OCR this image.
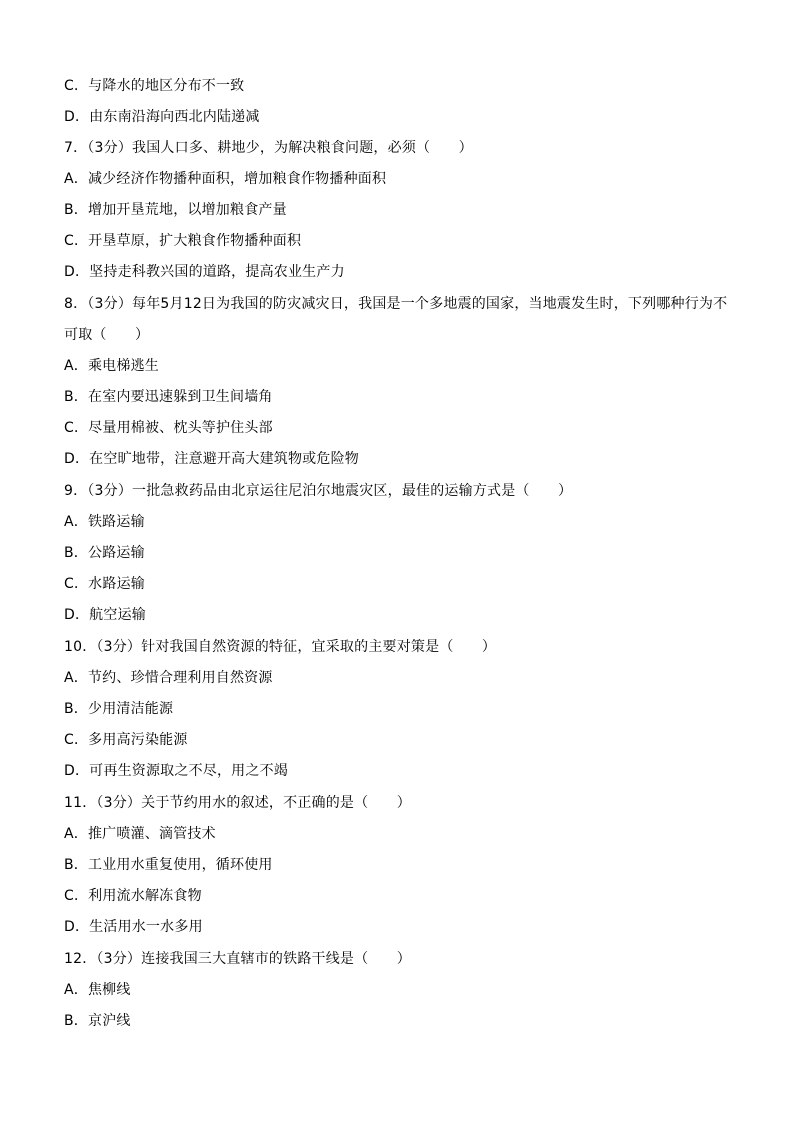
C．与降水的地区分布不一致
D．由东南沿海向西北内陆递减
7．（3分）我国人口多、耕地少，为解决粮食问题，必须（　　）
A．减少经济作物播种面积，增加粮食作物播种面积
B．增加开垦荒地，以增加粮食产量
C．开垦草原，扩大粮食作物播种面积
D．坚持走科教兴国的道路，提高农业生产力
8．（3分）每年5月12日为我国的防灾减灾日，我国是一个多地震的国家，当地震发生时，下列哪种行为不
可取（　　）
A．乘电梯逃生
B．在室内要迅速躲到卫生间墙角
C．尽量用棉被、枕头等护住头部
D．在空旷地带，注意避开高大建筑物或危险物
9．（3分）一批急救药品由北京运往尼泊尔地震灾区，最佳的运输方式是（　　）
A．铁路运输
B．公路运输
C．水路运输
D．航空运输
10．（3分）针对我国自然资源的特征，宜采取的主要对策是（　　）
A．节约、珍惜合理利用自然资源
B．少用清洁能源
C．多用高污染能源
D．可再生资源取之不尽，用之不竭
11．（3分）关于节约用水的叙述，不正确的是（　　）
A．推广喷灌、滴管技术
B．工业用水重复使用，循环使用
C．利用流水解冻食物
D．生活用水一水多用
12．（3分）连接我国三大直辖市的铁路干线是（　　）
A．焦柳线
B．京沪线
